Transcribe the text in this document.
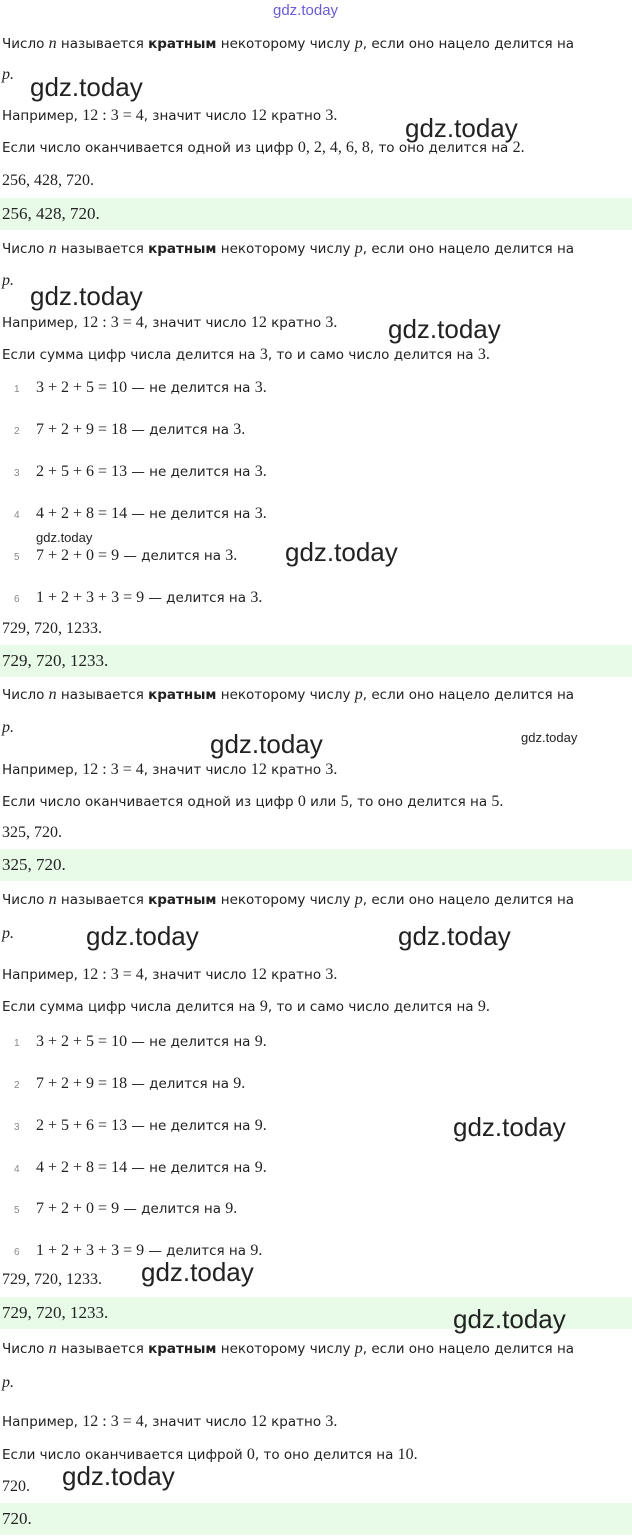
gdz.today
Число n называется кратным некоторому числу p, если оно нацело делится на
p.
Например, 12 : 3 = 4, значит число 12 кратно 3.
Если число оканчивается одной из цифр 0, 2, 4, 6, 8, то оно делится на 2.
256, 428, 720.
256, 428, 720.
Число n называется кратным некоторому числу p, если оно нацело делится на
p.
Например, 12 : 3 = 4, значит число 12 кратно 3.
Если сумма цифр числа делится на 3, то и само число делится на 3.
1 3 + 2 + 5 = 10 — не делится на 3.
2 7 + 2 + 9 = 18 — делится на 3.
3 2 + 5 + 6 = 13 — не делится на 3.
4 4 + 2 + 8 = 14 — не делится на 3.
5 7 + 2 + 0 = 9 — делится на 3.
6 1 + 2 + 3 + 3 = 9 — делится на 3.
729, 720, 1233.
729, 720, 1233.
Число n называется кратным некоторому числу p, если оно нацело делится на
p.
Например, 12 : 3 = 4, значит число 12 кратно 3.
Если число оканчивается одной из цифр 0 или 5, то оно делится на 5.
325, 720.
325, 720.
Число n называется кратным некоторому числу p, если оно нацело делится на
p.
Например, 12 : 3 = 4, значит число 12 кратно 3.
Если сумма цифр числа делится на 9, то и само число делится на 9.
1 3 + 2 + 5 = 10 — не делится на 9.
2 7 + 2 + 9 = 18 — делится на 9.
3 2 + 5 + 6 = 13 — не делится на 9.
4 4 + 2 + 8 = 14 — не делится на 9.
5 7 + 2 + 0 = 9 — делится на 9.
6 1 + 2 + 3 + 3 = 9 — делится на 9.
729, 720, 1233.
729, 720, 1233.
Число n называется кратным некоторому числу p, если оно нацело делится на
p.
Например, 12 : 3 = 4, значит число 12 кратно 3.
Если число оканчивается цифрой 0, то оно делится на 10.
720.
720.
gdz.today
gdz.today
gdz.today
gdz.today
gdz.today	gdz.today
gdz.today	gdz.today
gdz.today	gdz.today
gdz.today
gdz.today
gdz.today
gdz.today
